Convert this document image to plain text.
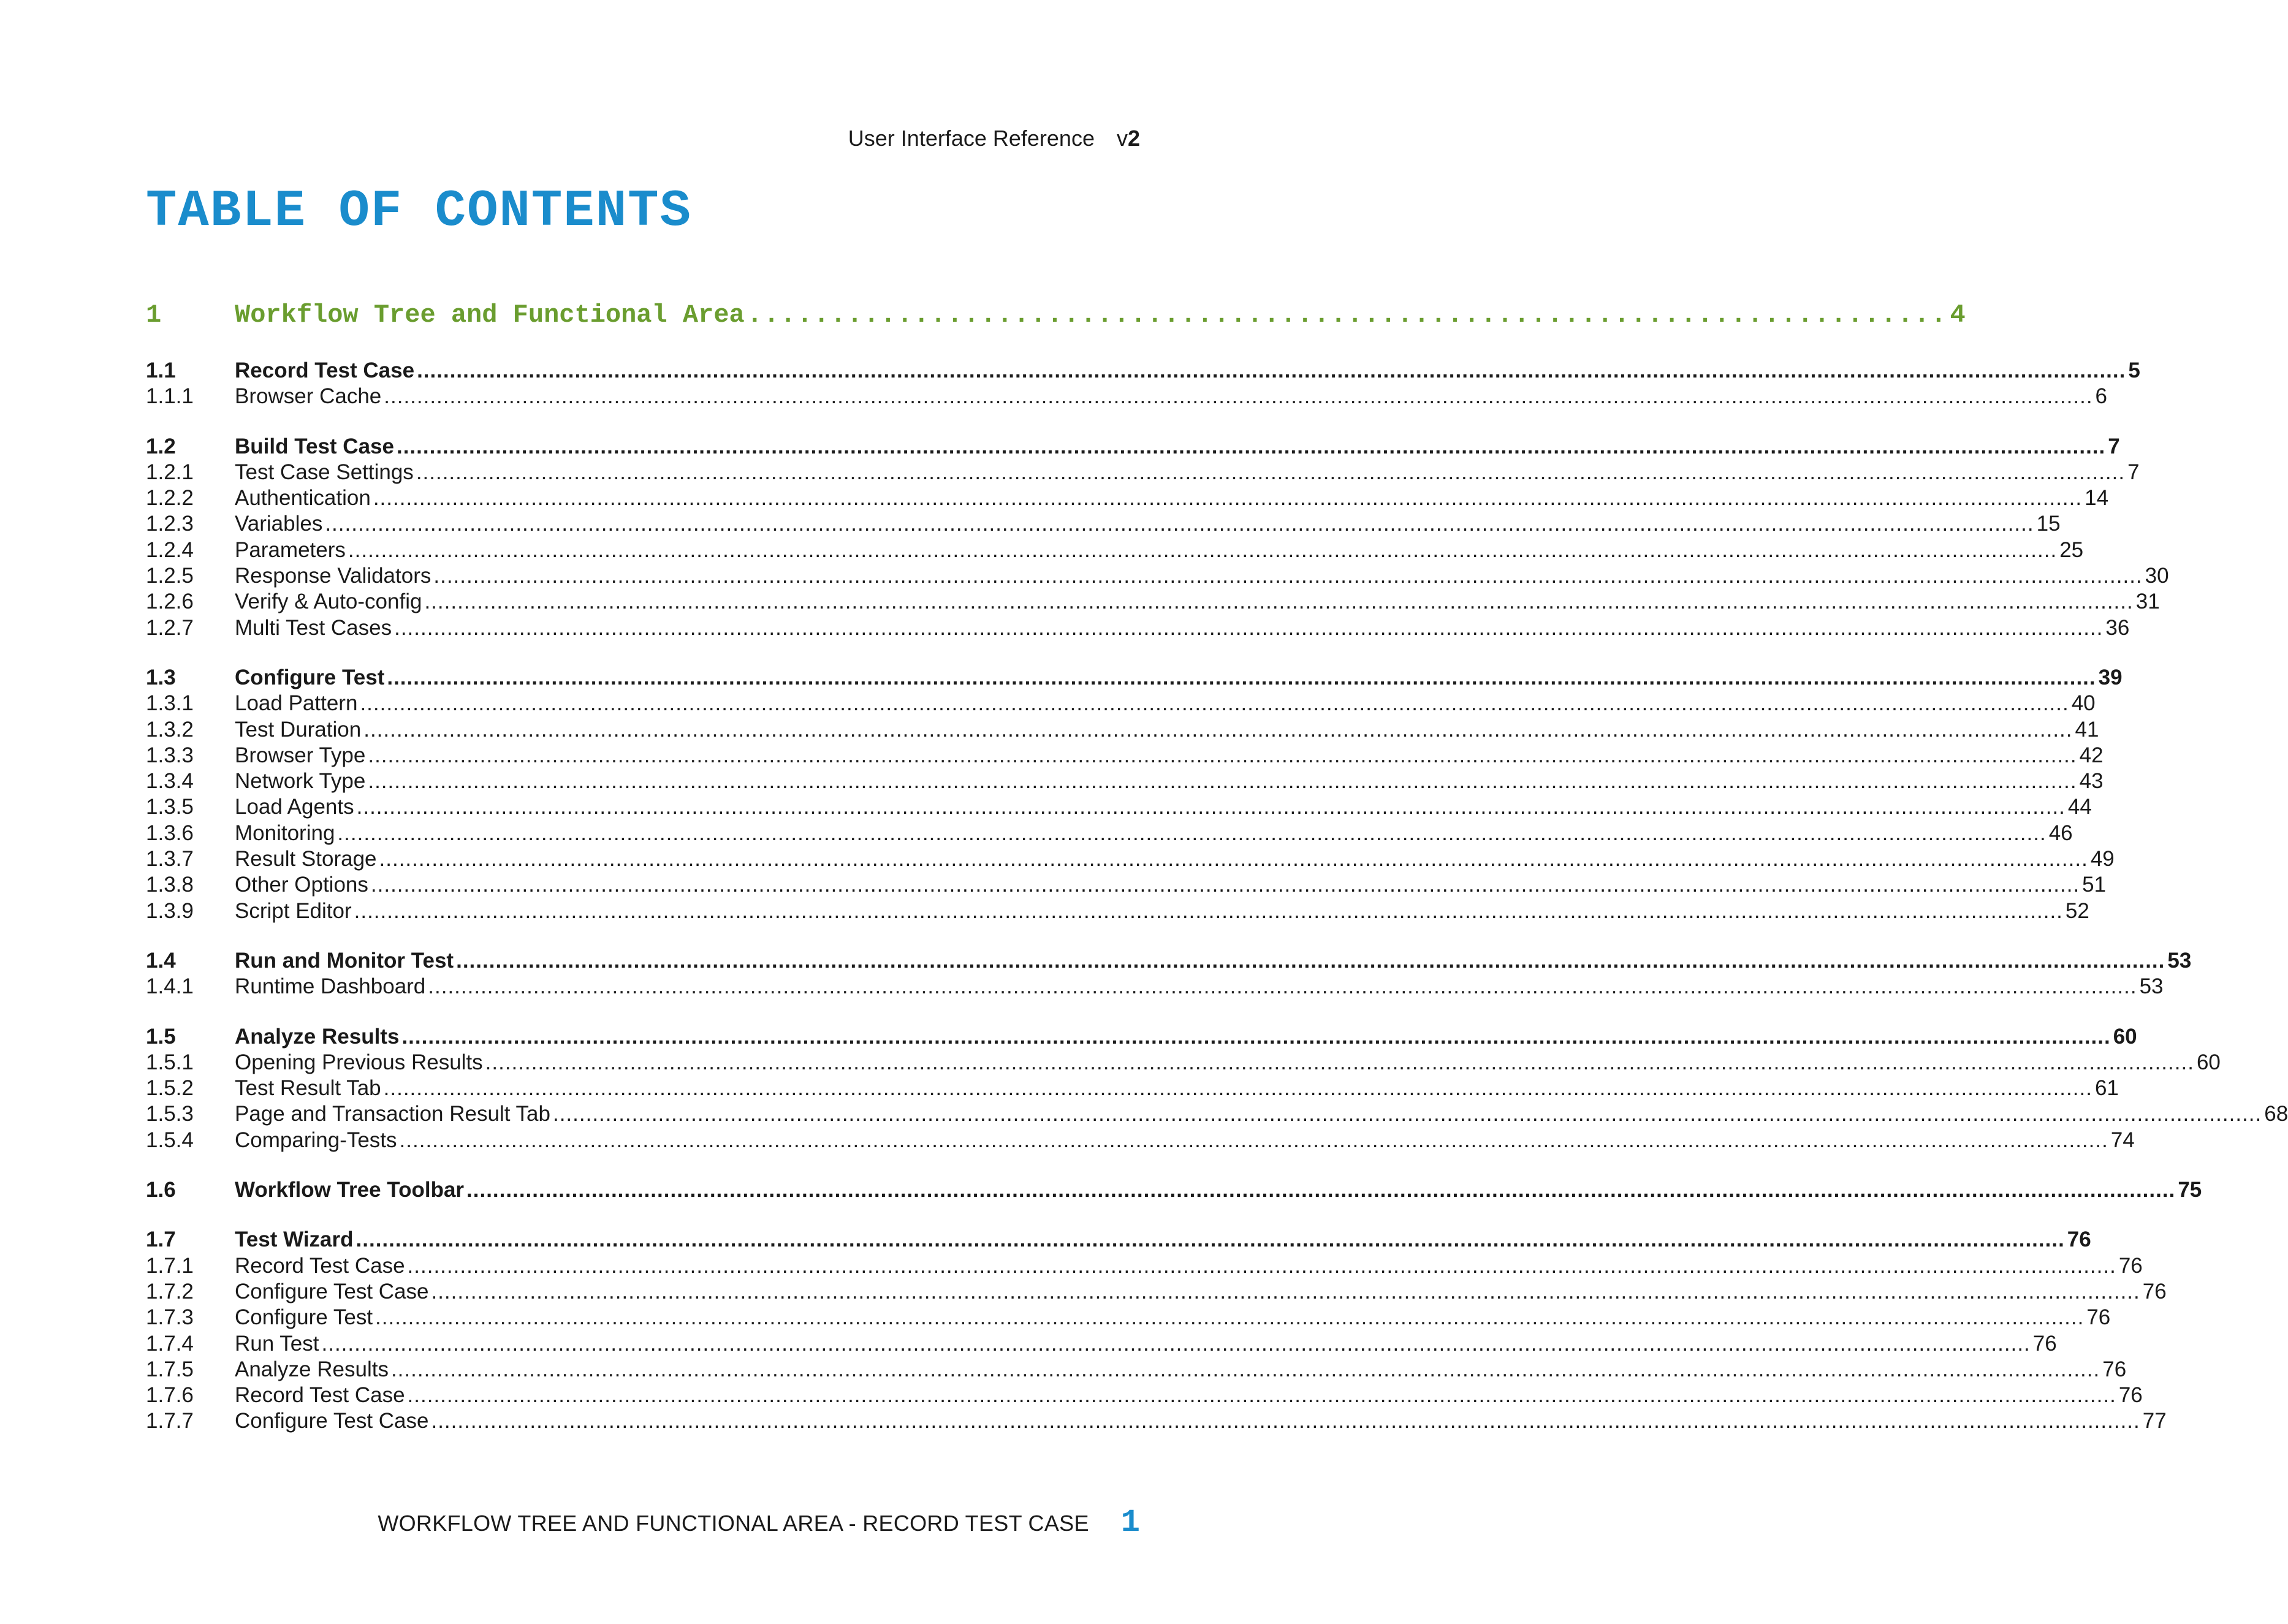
User Interface Reference v2
TABLE OF CONTENTS
1	Workflow Tree and Functional Area ........................................................................ 4
1.1	Record Test Case .................................................................................................................................................................................................................................................................... 5
1.1.1	Browser Cache .................................................................................................................................................................................................................................................................... 6
1.2	Build Test Case .................................................................................................................................................................................................................................................................... 7
1.2.1	Test Case Settings .................................................................................................................................................................................................................................................................... 7
1.2.2	Authentication .................................................................................................................................................................................................................................................................... 14
1.2.3	Variables .................................................................................................................................................................................................................................................................... 15
1.2.4	Parameters .................................................................................................................................................................................................................................................................... 25
1.2.5	Response Validators .................................................................................................................................................................................................................................................................... 30
1.2.6	Verify & Auto-config .................................................................................................................................................................................................................................................................... 31
1.2.7	Multi Test Cases .................................................................................................................................................................................................................................................................... 36
1.3	Configure Test .................................................................................................................................................................................................................................................................... 39
1.3.1	Load Pattern .................................................................................................................................................................................................................................................................... 40
1.3.2	Test Duration .................................................................................................................................................................................................................................................................... 41
1.3.3	Browser Type .................................................................................................................................................................................................................................................................... 42
1.3.4	Network Type .................................................................................................................................................................................................................................................................... 43
1.3.5	Load Agents .................................................................................................................................................................................................................................................................... 44
1.3.6	Monitoring .................................................................................................................................................................................................................................................................... 46
1.3.7	Result Storage .................................................................................................................................................................................................................................................................... 49
1.3.8	Other Options .................................................................................................................................................................................................................................................................... 51
1.3.9	Script Editor .................................................................................................................................................................................................................................................................... 52
1.4	Run and Monitor Test .................................................................................................................................................................................................................................................................... 53
1.4.1	Runtime Dashboard .................................................................................................................................................................................................................................................................... 53
1.5	Analyze Results .................................................................................................................................................................................................................................................................... 60
1.5.1	Opening Previous Results .................................................................................................................................................................................................................................................................... 60
1.5.2	Test Result Tab .................................................................................................................................................................................................................................................................... 61
1.5.3	Page and Transaction Result Tab .................................................................................................................................................................................................................................................................... 68
1.5.4	Comparing-Tests .................................................................................................................................................................................................................................................................... 74
1.6	Workflow Tree Toolbar .................................................................................................................................................................................................................................................................... 75
1.7	Test Wizard .................................................................................................................................................................................................................................................................... 76
1.7.1	Record Test Case .................................................................................................................................................................................................................................................................... 76
1.7.2	Configure Test Case .................................................................................................................................................................................................................................................................... 76
1.7.3	Configure Test .................................................................................................................................................................................................................................................................... 76
1.7.4	Run Test .................................................................................................................................................................................................................................................................... 76
1.7.5	Analyze Results .................................................................................................................................................................................................................................................................... 76
1.7.6	Record Test Case .................................................................................................................................................................................................................................................................... 76
1.7.7	Configure Test Case .................................................................................................................................................................................................................................................................... 77
WORKFLOW TREE AND FUNCTIONAL AREA - RECORD TEST CASE 1
